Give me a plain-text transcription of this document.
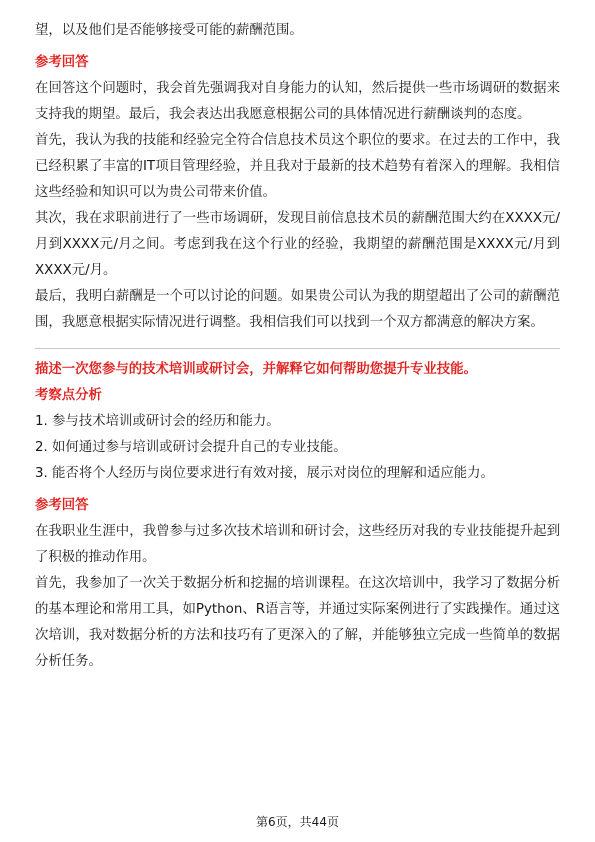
望，以及他们是否能够接受可能的薪酬范围。

参考回答

在回答这个问题时，我会首先强调我对自身能力的认知，然后提供一些市场调研的数据来支持我的期望。最后，我会表达出我愿意根据公司的具体情况进行薪酬谈判的态度。

首先，我认为我的技能和经验完全符合信息技术员这个职位的要求。在过去的工作中，我已经积累了丰富的IT项目管理经验，并且我对于最新的技术趋势有着深入的理解。我相信这些经验和知识可以为贵公司带来价值。

其次，我在求职前进行了一些市场调研，发现目前信息技术员的薪酬范围大约在XXXX元/月到XXXX元/月之间。考虑到我在这个行业的经验，我期望的薪酬范围是XXXX元/月到XXXX元/月。

最后，我明白薪酬是一个可以讨论的问题。如果贵公司认为我的期望超出了公司的薪酬范围，我愿意根据实际情况进行调整。我相信我们可以找到一个双方都满意的解决方案。

描述一次您参与的技术培训或研讨会，并解释它如何帮助您提升专业技能。
考察点分析

1. 参与技术培训或研讨会的经历和能力。

2. 如何通过参与培训或研讨会提升自己的专业技能。

3. 能否将个人经历与岗位要求进行有效对接，展示对岗位的理解和适应能力。

参考回答

在我职业生涯中，我曾参与过多次技术培训和研讨会，这些经历对我的专业技能提升起到了积极的推动作用。

首先，我参加了一次关于数据分析和挖掘的培训课程。在这次培训中，我学习了数据分析的基本理论和常用工具，如Python、R语言等，并通过实际案例进行了实践操作。通过这次培训，我对数据分析的方法和技巧有了更深入的了解，并能够独立完成一些简单的数据分析任务。

第6页，共44页
